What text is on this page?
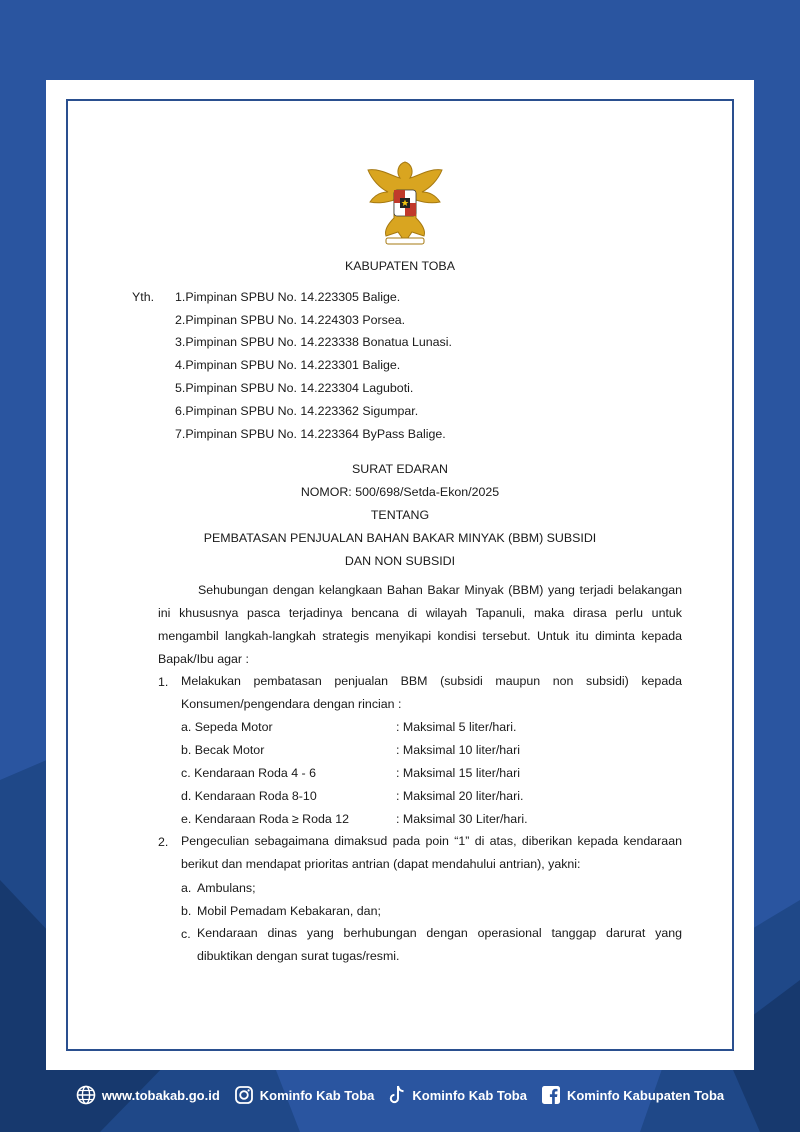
KABUPATEN TOBA
Yth. 1.Pimpinan SPBU No. 14.223305 Balige.
2.Pimpinan SPBU No. 14.224303 Porsea.
3.Pimpinan SPBU No. 14.223338 Bonatua Lunasi.
4.Pimpinan SPBU No. 14.223301 Balige.
5.Pimpinan SPBU No. 14.223304 Laguboti.
6.Pimpinan SPBU No. 14.223362 Sigumpar.
7.Pimpinan SPBU No. 14.223364 ByPass Balige.
SURAT EDARAN
NOMOR: 500/698/Setda-Ekon/2025
TENTANG
PEMBATASAN PENJUALAN BAHAN BAKAR MINYAK (BBM) SUBSIDI
DAN NON SUBSIDI
Sehubungan dengan kelangkaan Bahan Bakar Minyak (BBM) yang terjadi belakangan ini khususnya pasca terjadinya bencana di wilayah Tapanuli, maka dirasa perlu untuk mengambil langkah-langkah strategis menyikapi kondisi tersebut. Untuk itu diminta kepada Bapak/Ibu agar :
1. Melakukan pembatasan penjualan BBM (subsidi maupun non subsidi) kepada Konsumen/pengendara dengan rincian :
a. Sepeda Motor	: Maksimal 5 liter/hari.
b. Becak Motor	: Maksimal 10 liter/hari
c. Kendaraan Roda 4 - 6	: Maksimal 15 liter/hari
d. Kendaraan Roda 8-10	: Maksimal 20 liter/hari.
e. Kendaraan Roda ≥ Roda 12	: Maksimal 30 Liter/hari.
2. Pengeculian sebagaimana dimaksud pada poin “1” di atas, diberikan kepada kendaraan berikut dan mendapat prioritas antrian (dapat mendahului antrian), yakni:
a. Ambulans;
b. Mobil Pemadam Kebakaran, dan;
c. Kendaraan dinas yang berhubungan dengan operasional tanggap darurat yang dibuktikan dengan surat tugas/resmi.
www.tobakab.go.id	Kominfo Kab Toba	Kominfo Kab Toba	Kominfo Kabupaten Toba
